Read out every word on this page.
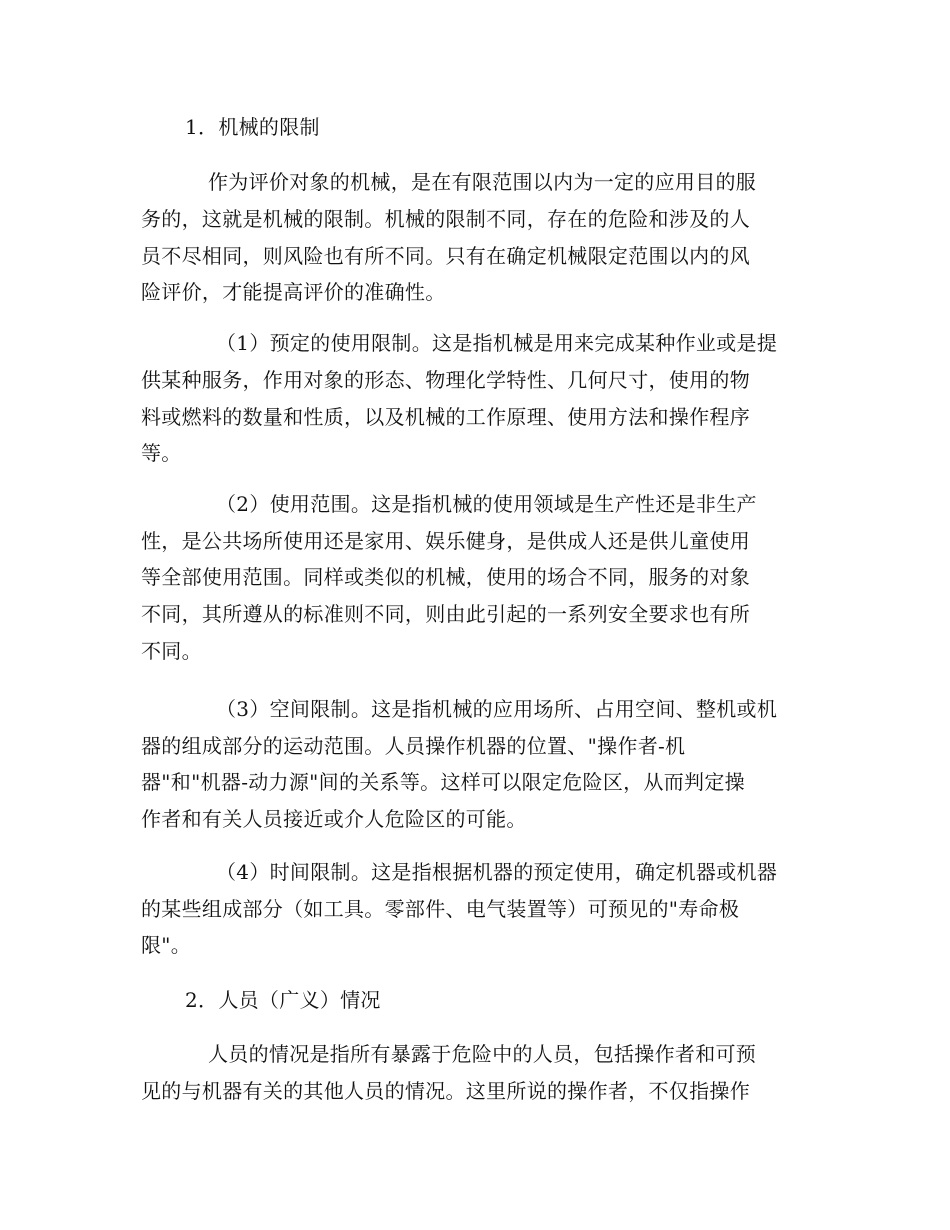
1．机械的限制
作为评价对象的机械，是在有限范围以内为一定的应用目的服
务的，这就是机械的限制。机械的限制不同，存在的危险和涉及的人
员不尽相同，则风险也有所不同。只有在确定机械限定范围以内的风
险评价，才能提高评价的准确性。
（1）预定的使用限制。这是指机械是用来完成某种作业或是提
供某种服务，作用对象的形态、物理化学特性、几何尺寸，使用的物
料或燃料的数量和性质，以及机械的工作原理、使用方法和操作程序
等。
（2）使用范围。这是指机械的使用领域是生产性还是非生产
性，是公共场所使用还是家用、娱乐健身，是供成人还是供儿童使用
等全部使用范围。同样或类似的机械，使用的场合不同，服务的对象
不同，其所遵从的标准则不同，则由此引起的一系列安全要求也有所
不同。
（3）空间限制。这是指机械的应用场所、占用空间、整机或机
器的组成部分的运动范围。人员操作机器的位置、"操作者-机
器"和"机器-动力源"间的关系等。这样可以限定危险区，从而判定操
作者和有关人员接近或介人危险区的可能。
（4）时间限制。这是指根据机器的预定使用，确定机器或机器
的某些组成部分（如工具。零部件、电气装置等）可预见的"寿命极
限"。
2．人员（广义）情况
人员的情况是指所有暴露于危险中的人员，包括操作者和可预
见的与机器有关的其他人员的情况。这里所说的操作者，不仅指操作
